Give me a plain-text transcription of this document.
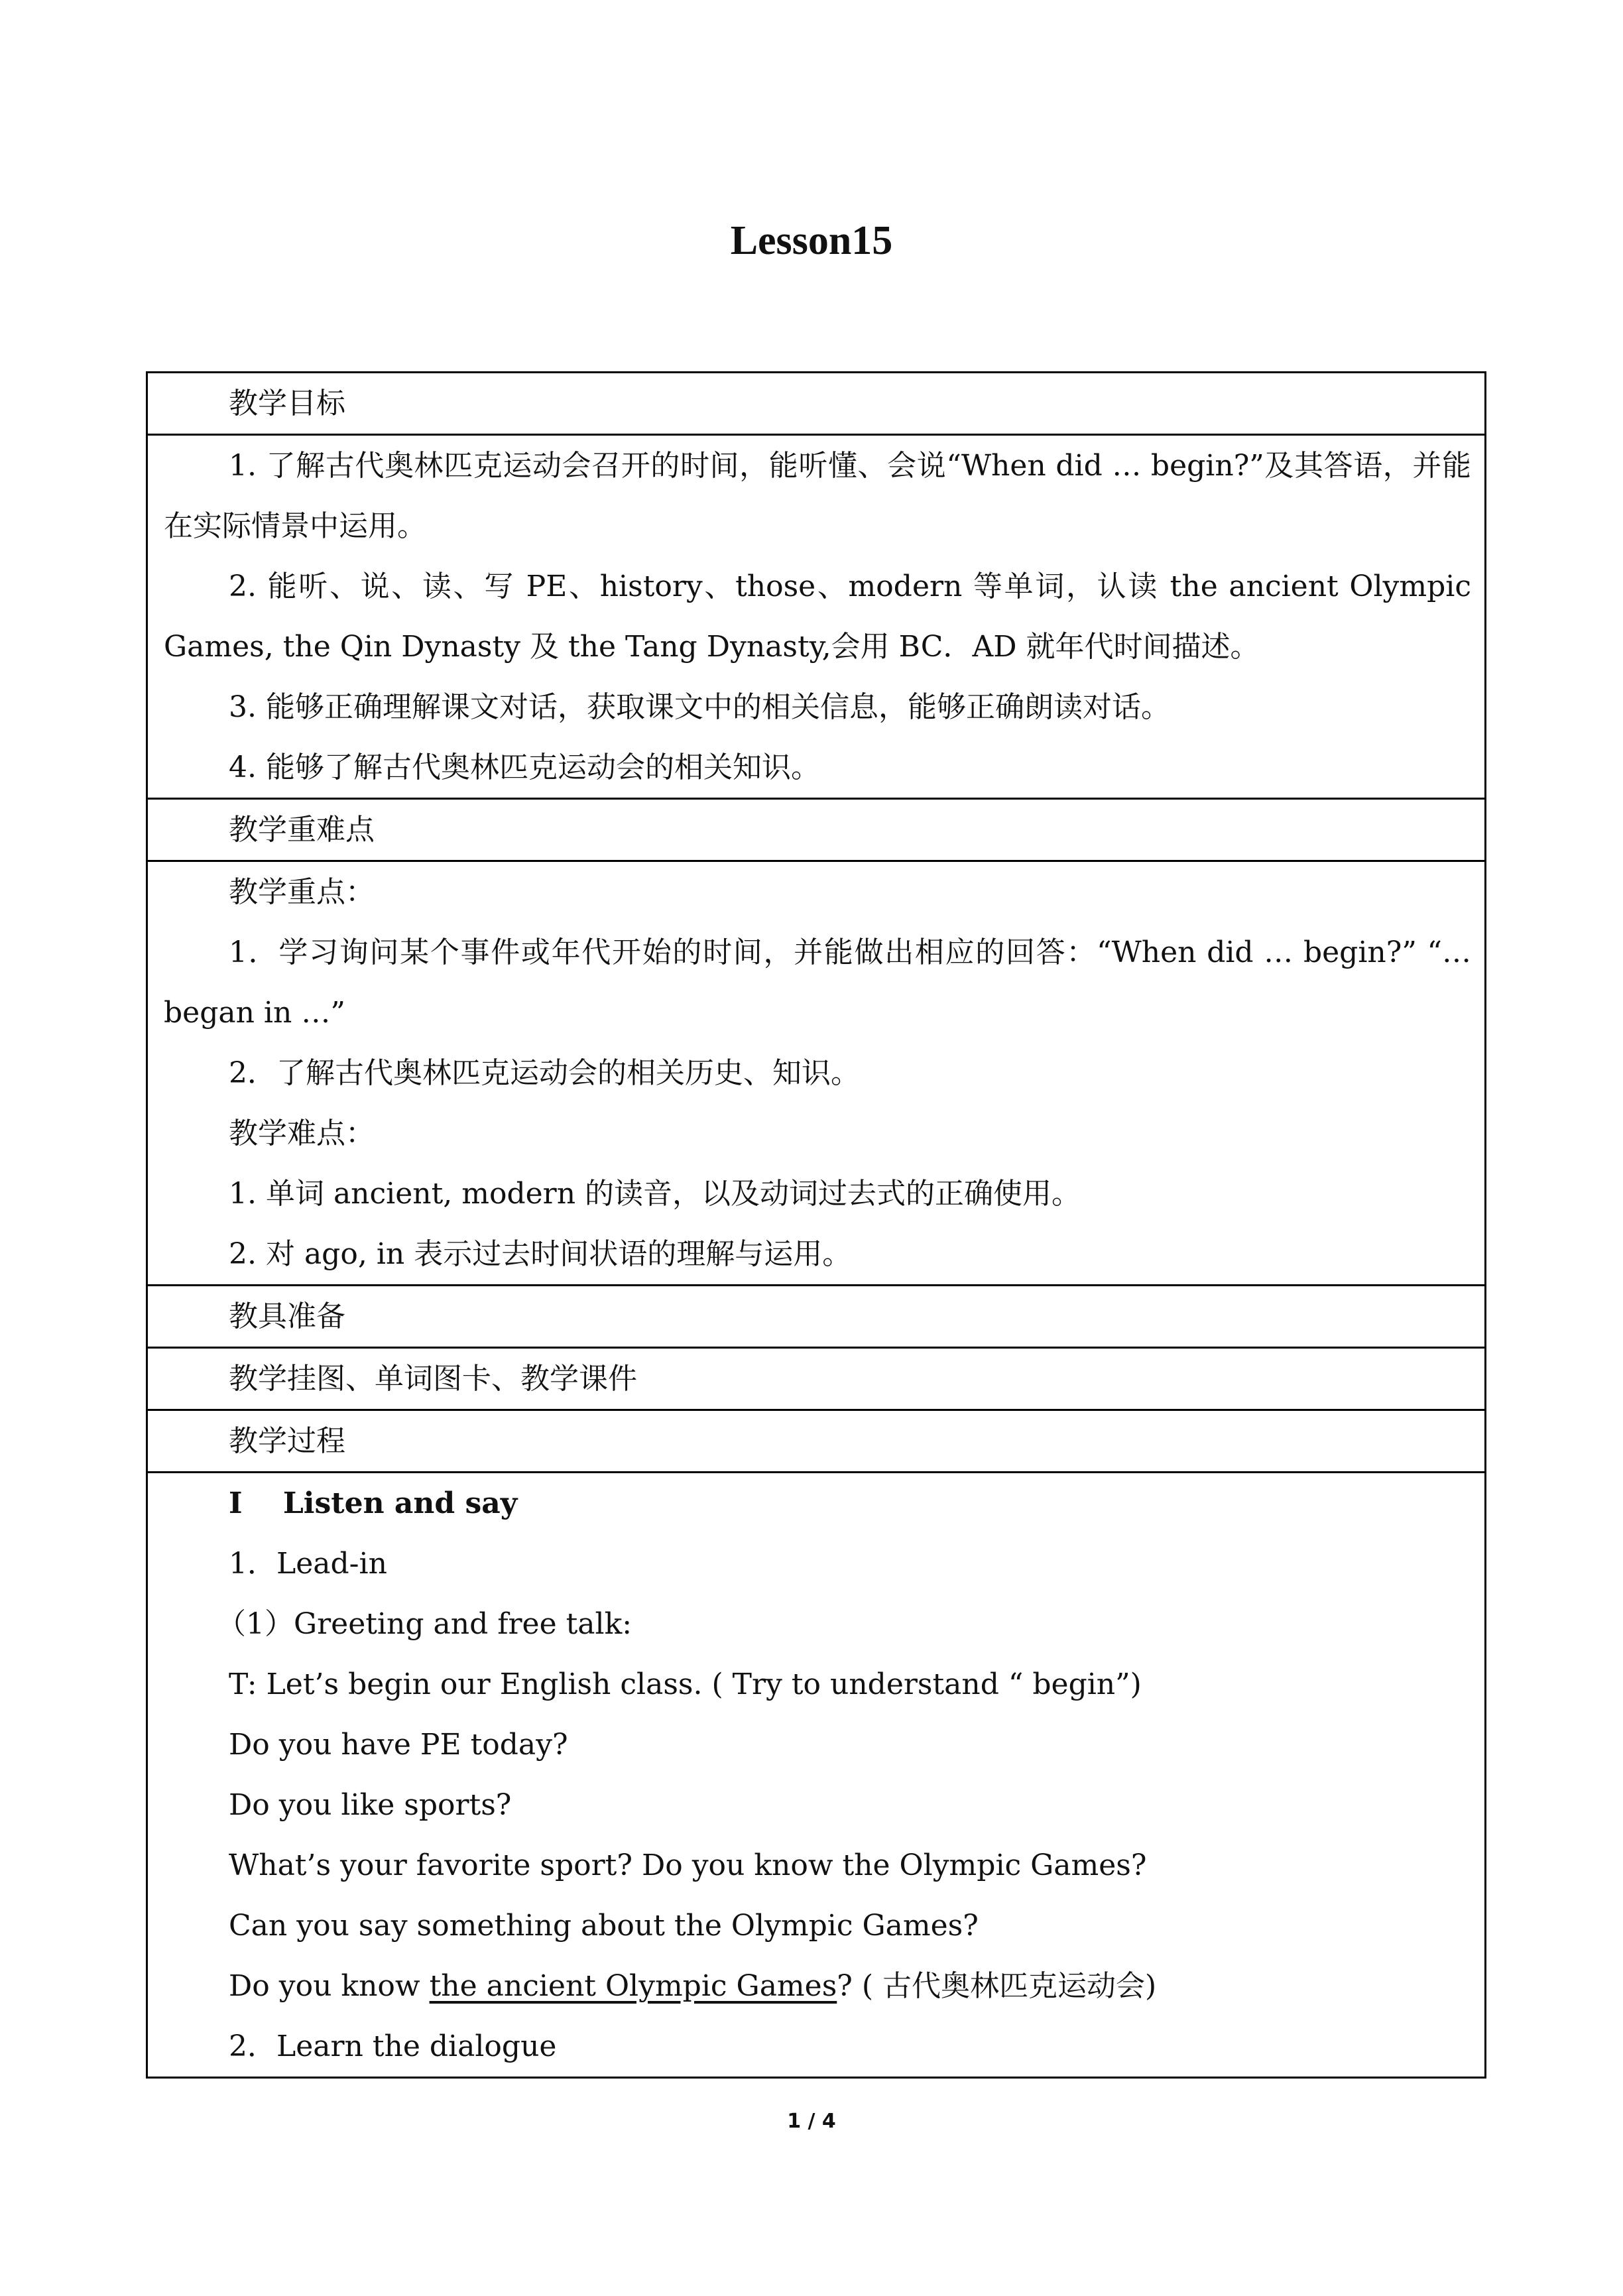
Lesson15
教学目标

1. 了解古代奥林匹克运动会召开的时间，能听懂、会说“When did … begin?”及其答语，并能在实际情景中运用。
2. 能听、说、读、写 PE、history、those、modern 等单词，认读 the ancient Olympic Games, the Qin Dynasty 及 the Tang Dynasty,会用 BC．AD 就年代时间描述。
3. 能够正确理解课文对话，获取课文中的相关信息，能够正确朗读对话。
4. 能够了解古代奥林匹克运动会的相关知识。

教学重难点

教学重点：
1．学习询问某个事件或年代开始的时间，并能做出相应的回答：“When did … begin?” “…began in …”
2．了解古代奥林匹克运动会的相关历史、知识。
教学难点：
1. 单词 ancient, modern 的读音，以及动词过去式的正确使用。
2. 对 ago, in 表示过去时间状语的理解与运用。

教具准备

教学挂图、单词图卡、教学课件

教学过程

I    Listen and say
1．Lead-in
（1）Greeting and free talk:
T: Let’s begin our English class. ( Try to understand “ begin”)
Do you have PE today?
Do you like sports?
What’s your favorite sport? Do you know the Olympic Games?
Can you say something about the Olympic Games?
Do you know the ancient Olympic Games? ( 古代奥林匹克运动会)
2．Learn the dialogue
1 / 4
